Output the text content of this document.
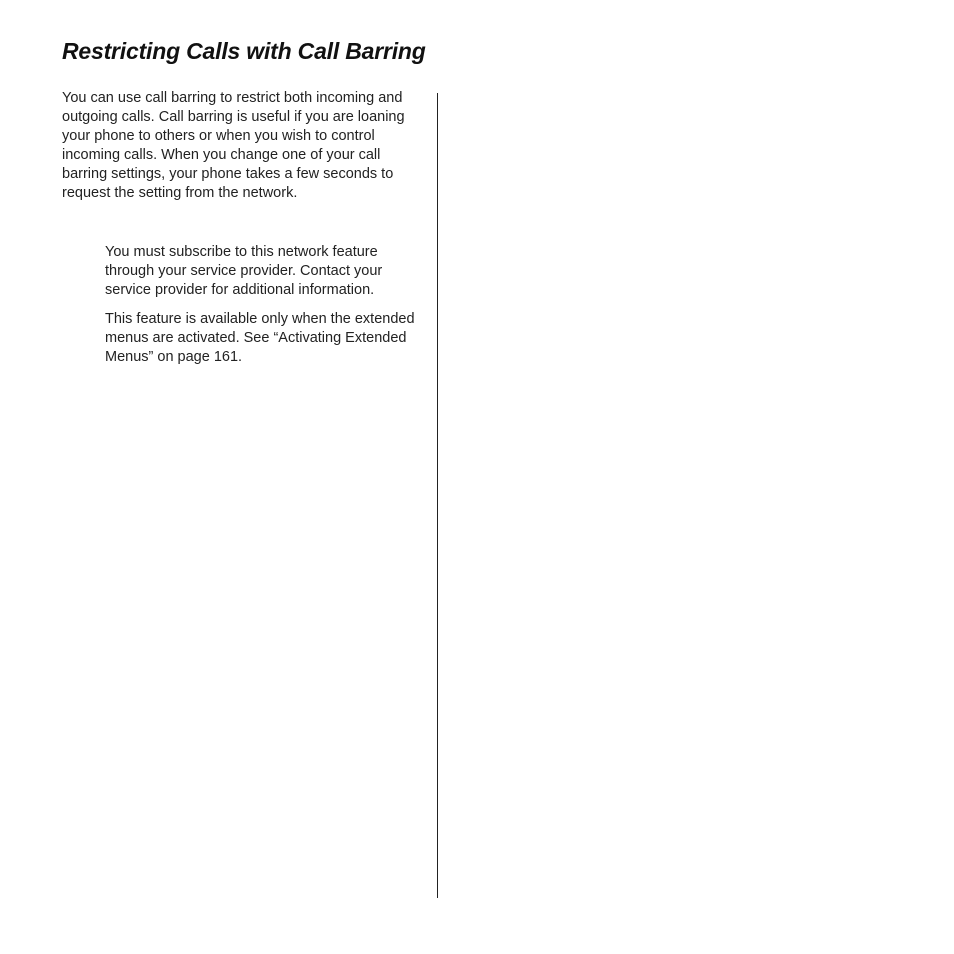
Restricting Calls with Call Barring

You can use call barring to restrict both incoming and outgoing calls. Call barring is useful if you are loaning your phone to others or when you wish to control incoming calls. When you change one of your call barring settings, your phone takes a few seconds to request the setting from the network.

You must subscribe to this network feature through your service provider. Contact your service provider for additional information.

This feature is available only when the extended menus are activated. See “Activating Extended Menus” on page 161.
